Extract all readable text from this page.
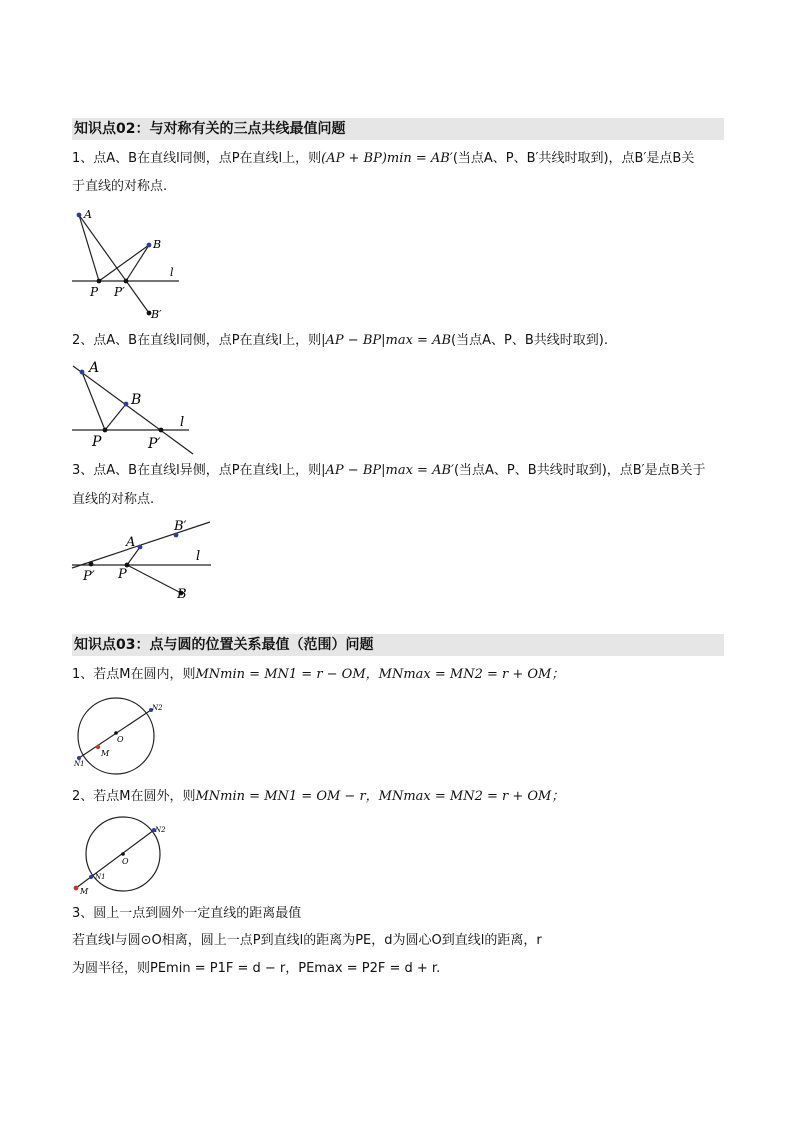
知识点02：与对称有关的三点共线最值问题
1、点A、B在直线l同侧，点P在直线l上，则(AP + BP)min = AB′(当点A、P、B′共线时取到)，点B′是点B关
于直线的对称点.
A
B
P P′
B′
l
2、点A、B在直线l同侧，点P在直线l上，则|AP − BP|max = AB(当点A、P、B共线时取到).
A
B
P	P′
l
3、点A、B在直线l异侧，点P在直线l上，则|AP − BP|max = AB′(当点A、P、B共线时取到)，点B′是点B关于
直线的对称点.
A
B′
P′ P
B
l
知识点03：点与圆的位置关系最值（范围）问题
1、若点M在圆内，则MNmin = MN1 = r − OM，MNmax = MN2 = r + OM；
N2
N1
O
M
2、若点M在圆外，则MNmin = MN1 = OM − r，MNmax = MN2 = r + OM；
N2
N1
O
M
3、圆上一点到圆外一定直线的距离最值
若直线l与圆⊙O相离，圆上一点P到直线l的距离为PE，d为圆心O到直线l的距离，r
为圆半径，则PEmin = P1F = d − r，PEmax = P2F = d + r.
